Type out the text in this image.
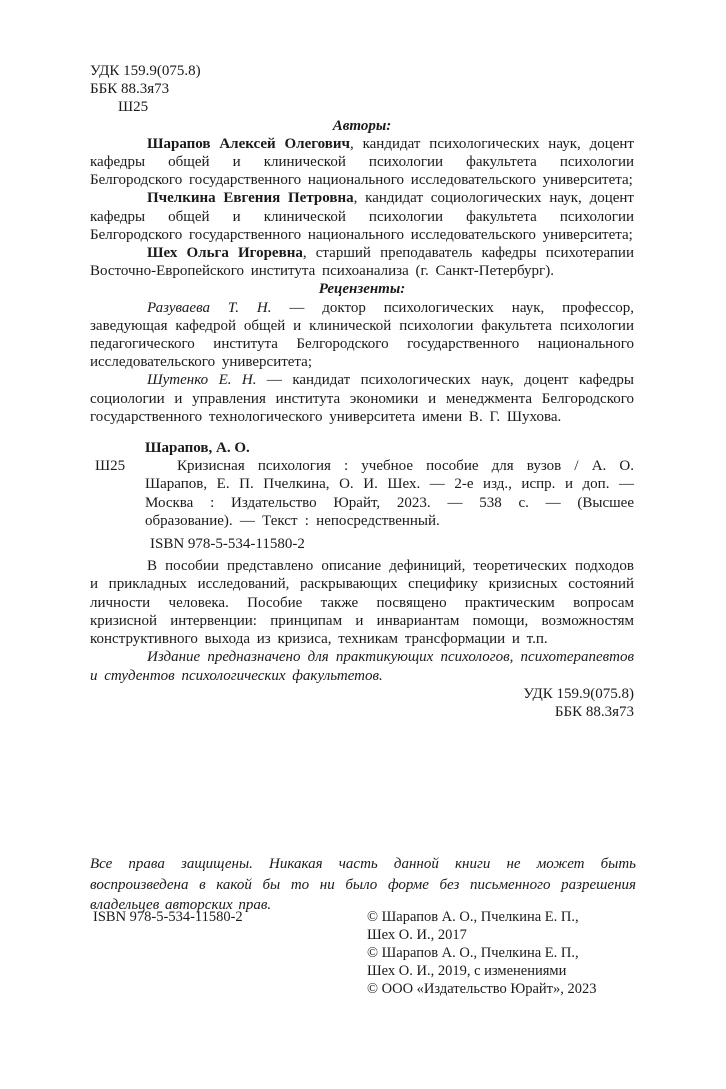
УДК 159.9(075.8)
ББК 88.3я73
Ш25
Авторы:

Шарапов Алексей Олегович, кандидат психологических наук, доцент кафедры общей и клинической психологии факультета психологии Белгородского государственного национального исследовательского университета;

Пчелкина Евгения Петровна, кандидат социологических наук, доцент кафедры общей и клинической психологии факультета психологии Белгородского государственного национального исследовательского университета;

Шех Ольга Игоревна, старший преподаватель кафедры психотерапии Восточно-Европейского института психоанализа (г. Санкт-Петербург).

Рецензенты:

Разуваева Т. Н. — доктор психологических наук, профессор, заведующая кафедрой общей и клинической психологии факультета психологии педагогического института Белгородского государственного национального исследовательского университета;

Шутенко Е. Н. — кандидат психологических наук, доцент кафедры социологии и управления института экономики и менеджмента Белгородского государственного технологического университета имени В. Г. Шухова.

Шарапов, А. О.
Ш25	Кризисная психология : учебное пособие для вузов / А. О. Шарапов, Е. П. Пчелкина, О. И. Шех. — 2-е изд., испр. и доп. — Москва : Издательство Юрайт, 2023. — 538 с. — (Высшее образование). — Текст : непосредственный.

ISBN 978-5-534-11580-2

В пособии представлено описание дефиниций, теоретических подходов и прикладных исследований, раскрывающих специфику кризисных состояний личности человека. Пособие также посвящено практическим вопросам кризисной интервенции: принципам и инвариантам помощи, возможностям конструктивного выхода из кризиса, техникам трансформации и т.п.

Издание предназначено для практикующих психологов, психотерапевтов и студентов психологических факультетов.

УДК 159.9(075.8)
ББК 88.3я73
Все права защищены. Никакая часть данной книги не может быть воспроизведена в какой бы то ни было форме без письменного разрешения владельцев авторских прав.
ISBN 978-5-534-11580-2	© Шарапов А. О., Пчелкина Е. П.,
Шех О. И., 2017
© Шарапов А. О., Пчелкина Е. П.,
Шех О. И., 2019, с изменениями
© ООО «Издательство Юрайт», 2023
